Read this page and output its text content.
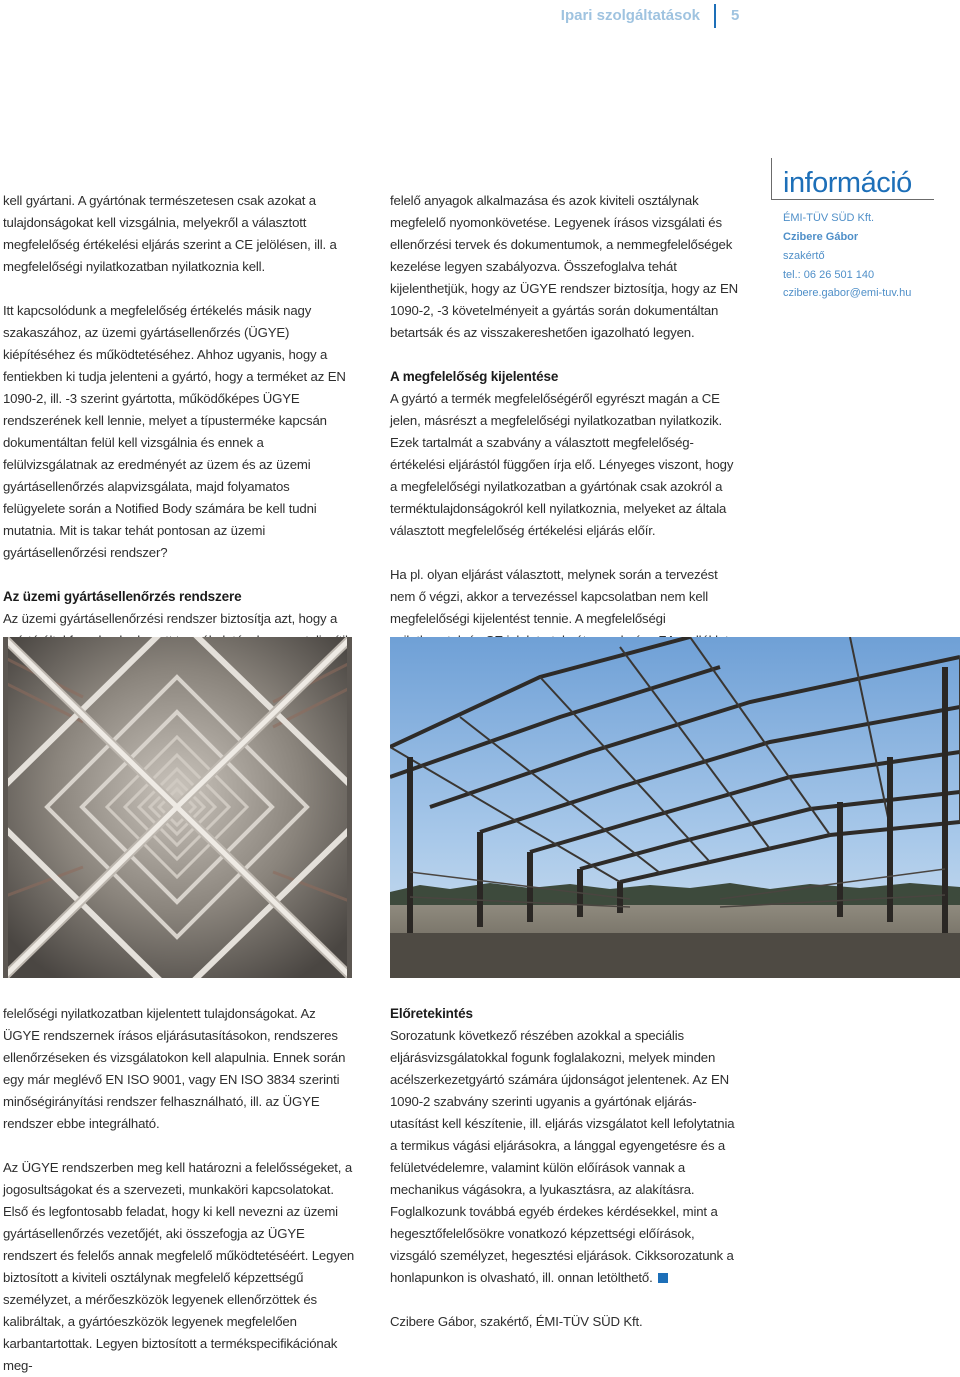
Ipari szolgáltatások 5

kell gyártani. A gyártónak természetesen csak azokat a tulajdonságokat kell vizsgálnia, melyekről a választott megfelelőség értékelési eljárás szerint a CE jelölésen, ill. a megfelelőségi nyilatkozatban nyilatkoznia kell.

Itt kapcsolódunk a megfelelőség értékelés másik nagy szakaszához, az üzemi gyártásellenőrzés (ÜGYE) kiépítéséhez és működtetéséhez. Ahhoz ugyanis, hogy a fentiekben ki tudja jelenteni a gyártó, hogy a terméket az EN 1090-2, ill. -3 szerint gyártotta, működőképes ÜGYE rendszerének kell lennie, melyet a típusterméke kapcsán dokumentáltan felül kell vizsgálnia és ennek a felülvizsgálatnak az eredményét az üzem és az üzemi gyártásellenőrzés alapvizsgálata, majd folyamatos felügyelete során a Notified Body számára be kell tudni mutatnia. Mit is takar tehát pontosan az üzemi gyártásellenőrzési rendszer?

Az üzemi gyártásellenőrzés rendszere

Az üzemi gyártásellenőrzési rendszer biztosítja azt, hogy a

felelő anyagok alkalmazása és azok kiviteli osztálynak megfelelő nyomonkövetése. Legyenek írásos vizsgálati és ellenőrzési tervek és dokumentumok, a nemmegfelelőségek kezelése legyen szabályozva. Összefoglalva tehát kijelenthetjük, hogy az ÜGYE rendszer biztosítja, hogy az EN 1090-2, -3 követelményeit a gyártás során dokumentáltan betartsák és az visszakereshetően igazolható legyen.

A megfelelőség kijelentése

A gyártó a termék megfelelőségéről egyrészt magán a CE jelen, másrészt a megfelelőségi nyilatkozatban nyilatkozik. Ezek tartalmát a szabvány a választott megfelelőség-értékelési eljárástól függően írja elő. Lényeges viszont, hogy a megfelelőségi nyilatkozatban a gyártónak csak azokról a terméktulajdonságokról kell nyilatkoznia, melyeket az általa választott megfelelőség értékelési eljárás előír.

Ha pl. olyan eljárást választott, melynek során a tervezést nem ő végzi, akkor a tervezéssel kapcsolatban nem kell megfelelőségi kijelentést tennie. A megfelelőségi

információ
ÉMI-TÜV SÜD Kft.
Czibere Gábor
szakértő
tel.: 06 26 501 140
czibere.gabor@emi-tuv.hu

felelőségi nyilatkozatban kijelentett tulajdonságokat. Az ÜGYE rendszernek írásos eljárásutasításokon, rendszeres ellenőrzéseken és vizsgálatokon kell alapulnia. Ennek során egy már meglévő EN ISO 9001, vagy EN ISO 3834 szerinti minőségirányítási rendszer felhasználható, ill. az ÜGYE rendszer ebbe integrálható.

Az ÜGYE rendszerben meg kell határozni a felelősségeket, a jogosultságokat és a szervezeti, munkaköri kapcsolatokat. Első és legfontosabb feladat, hogy ki kell nevezni az üzemi gyártásellenőrzés vezetőjét, aki összefogja az ÜGYE rendszert és felelős annak megfelelő működtetéséért. Legyen biztosított a kiviteli osztálynak megfelelő képzettségű személyzet, a mérőeszközök legyenek ellenőrzöttek és kalibráltak, a gyártóeszközök legyenek megfelelően karbantartottak. Legyen biztosított a termékspecifikációnak meg-

Előretekintés

Sorozatunk következő részében azokkal a speciális eljárásvizsgálatokkal fogunk foglalakozni, melyek minden acélszerkezetgyártó számára újdonságot jelentenek. Az EN 1090-2 szabvány szerinti ugyanis a gyártónak eljárás-utasítást kell készítenie, ill. eljárás vizsgálatot kell lefolytatnia a termikus vágási eljárásokra, a lánggal egyengetésre és a felületvédelemre, valamint külön előírások vannak a mechanikus vágásokra, a lyukasztásra, az alakításra. Foglalkozunk továbbá egyéb érdekes kérdésekkel, mint a hegesztőfelelősökre vonatkozó képzettségi előírások, vizsgáló személyzet, hegesztési eljárások. Cikksorozatunk a honlapunkon is olvasható, ill. onnan letölthető.

Czibere Gábor, szakértő, ÉMI-TÜV SÜD Kft.
